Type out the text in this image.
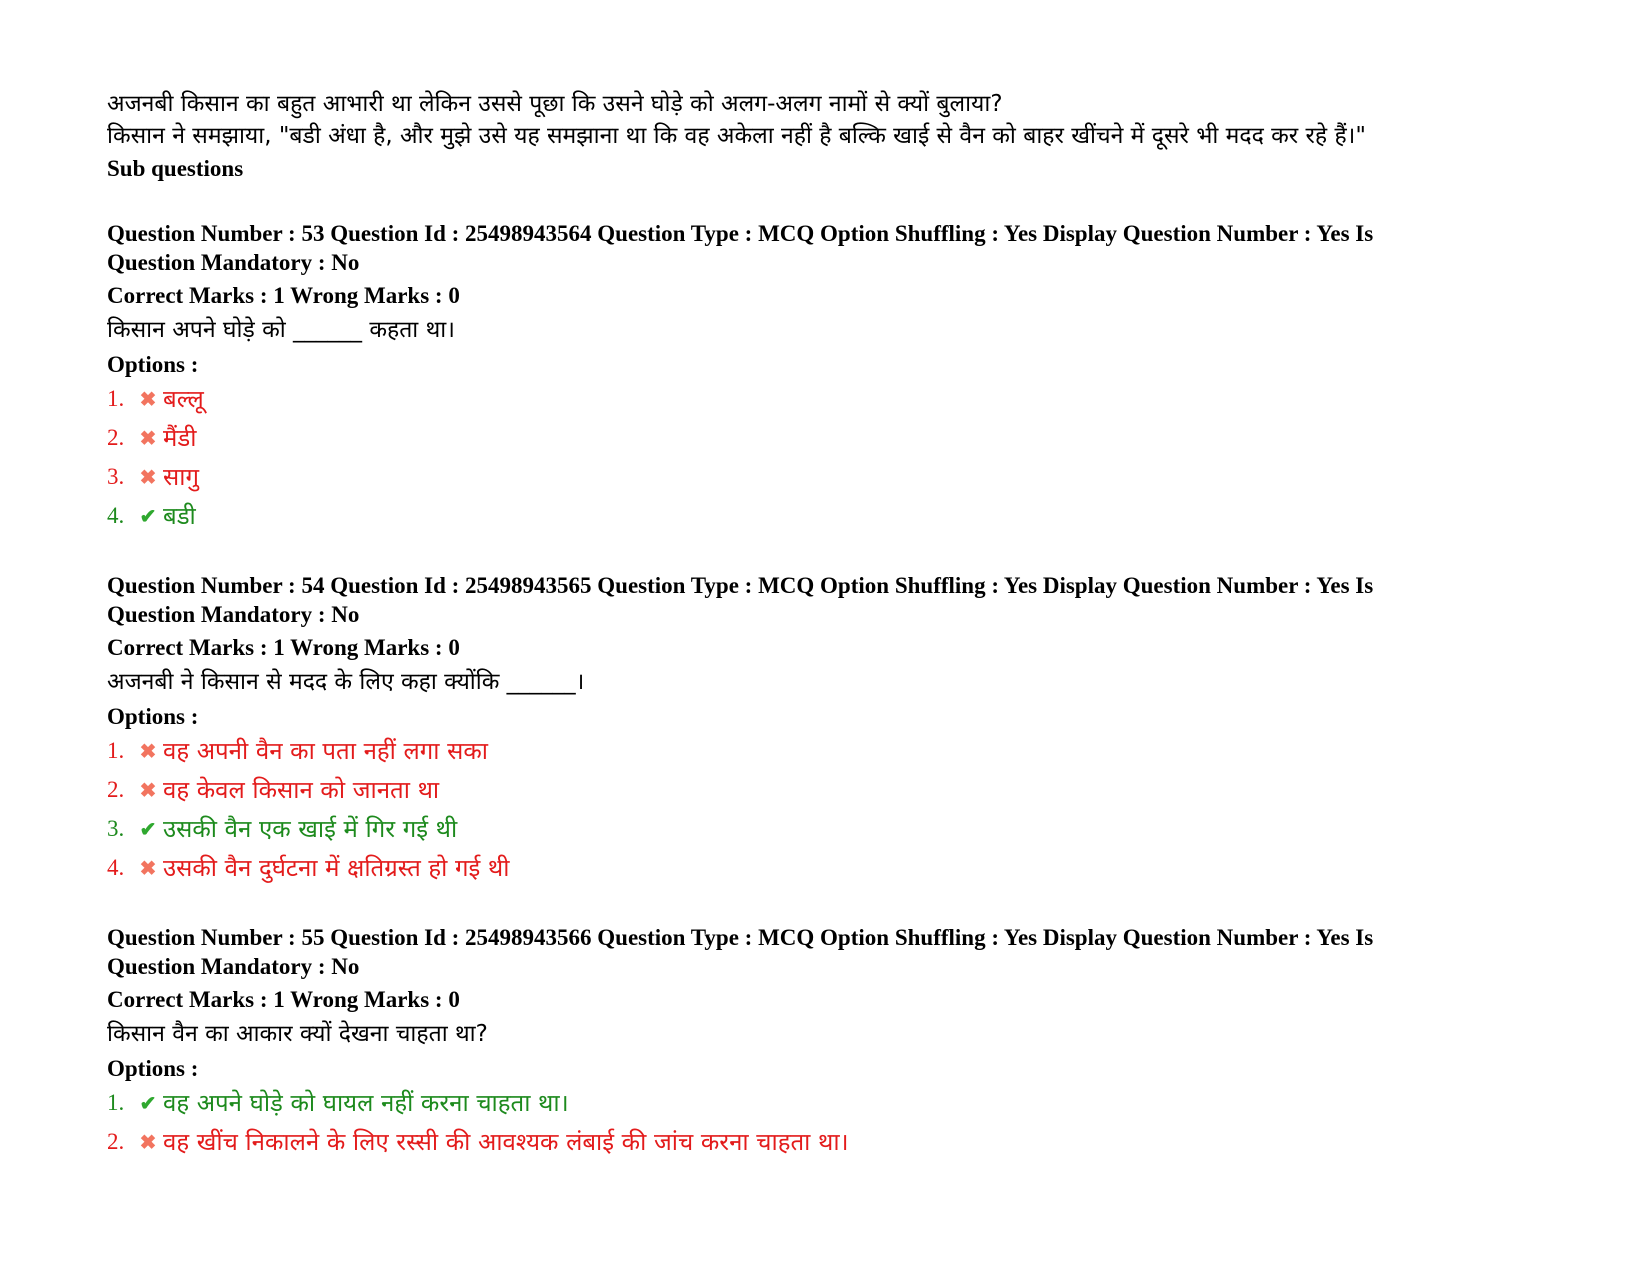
अजनबी किसान का बहुत आभारी था लेकिन उससे पूछा कि उसने घोड़े को अलग-अलग नामों से क्यों बुलाया?
किसान ने समझाया, "बडी अंधा है, और मुझे उसे यह समझाना था कि वह अकेला नहीं है बल्कि खाई से वैन को बाहर खींचने में दूसरे भी मदद कर रहे हैं।"
Sub questions
Question Number : 53 Question Id : 25498943564 Question Type : MCQ Option Shuffling : Yes Display Question Number : Yes Is
Question Mandatory : No
Correct Marks : 1 Wrong Marks : 0
किसान अपने घोड़े को ______ कहता था।
Options :
1. ✖ बल्लू
2. ✖ मैंडी
3. ✖ सागु
4. ✔ बडी
Question Number : 54 Question Id : 25498943565 Question Type : MCQ Option Shuffling : Yes Display Question Number : Yes Is
Question Mandatory : No
Correct Marks : 1 Wrong Marks : 0
अजनबी ने किसान से मदद के लिए कहा क्योंकि ______।
Options :
1. ✖ वह अपनी वैन का पता नहीं लगा सका
2. ✖ वह केवल किसान को जानता था
3. ✔ उसकी वैन एक खाई में गिर गई थी
4. ✖ उसकी वैन दुर्घटना में क्षतिग्रस्त हो गई थी
Question Number : 55 Question Id : 25498943566 Question Type : MCQ Option Shuffling : Yes Display Question Number : Yes Is
Question Mandatory : No
Correct Marks : 1 Wrong Marks : 0
किसान वैन का आकार क्यों देखना चाहता था?
Options :
1. ✔ वह अपने घोड़े को घायल नहीं करना चाहता था।
2. ✖ वह खींच निकालने के लिए रस्सी की आवश्यक लंबाई की जांच करना चाहता था।
